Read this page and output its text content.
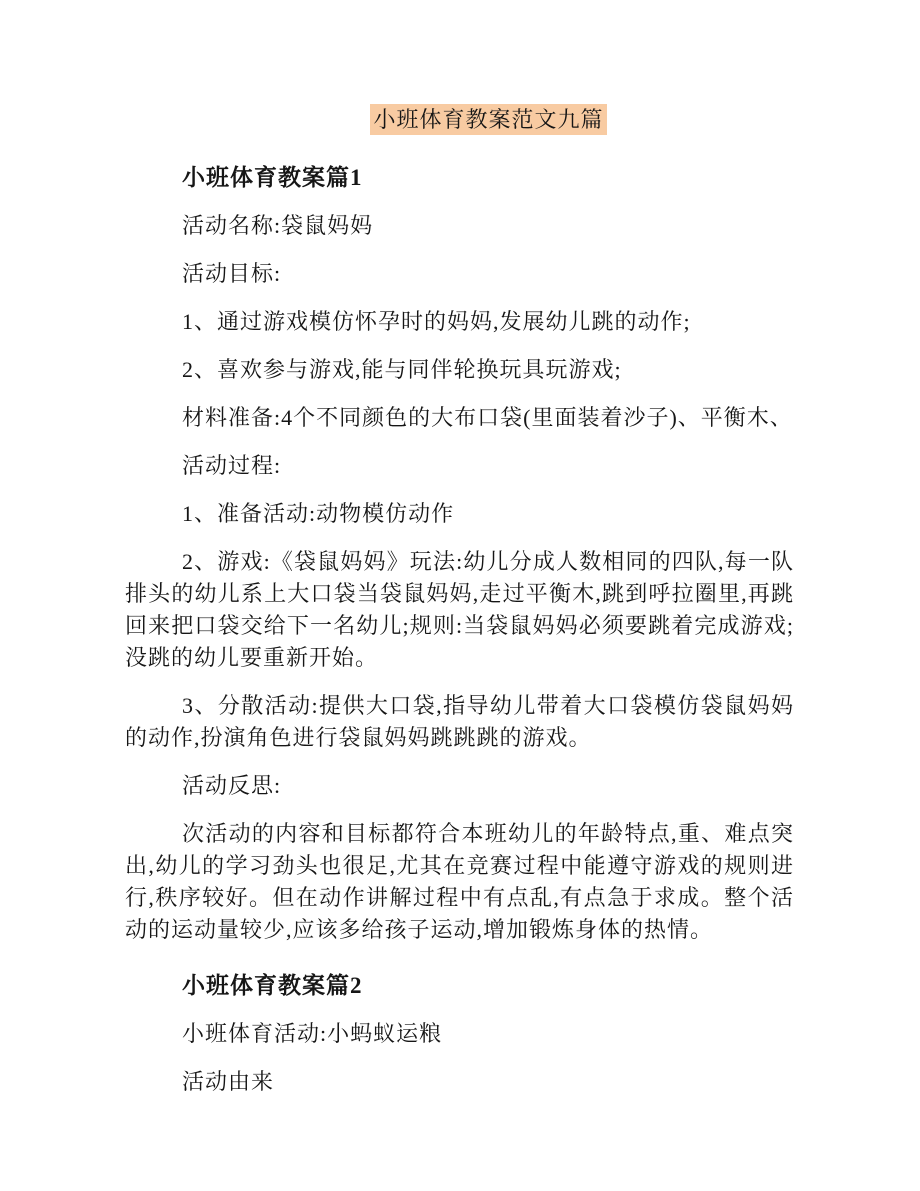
小班体育教案范文九篇
小班体育教案篇1

活动名称:袋鼠妈妈

活动目标:

1、通过游戏模仿怀孕时的妈妈,发展幼儿跳的动作;

2、喜欢参与游戏,能与同伴轮换玩具玩游戏;

材料准备:4个不同颜色的大布口袋(里面装着沙子)、平衡木、

活动过程:

1、准备活动:动物模仿动作

2、游戏:《袋鼠妈妈》玩法:幼儿分成人数相同的四队,每一队排头的幼儿系上大口袋当袋鼠妈妈,走过平衡木,跳到呼拉圈里,再跳回来把口袋交给下一名幼儿;规则:当袋鼠妈妈必须要跳着完成游戏;没跳的幼儿要重新开始。

3、分散活动:提供大口袋,指导幼儿带着大口袋模仿袋鼠妈妈的动作,扮演角色进行袋鼠妈妈跳跳跳的游戏。

活动反思:

次活动的内容和目标都符合本班幼儿的年龄特点,重、难点突出,幼儿的学习劲头也很足,尤其在竞赛过程中能遵守游戏的规则进行,秩序较好。但在动作讲解过程中有点乱,有点急于求成。整个活动的运动量较少,应该多给孩子运动,增加锻炼身体的热情。

小班体育教案篇2

小班体育活动:小蚂蚁运粮

活动由来
